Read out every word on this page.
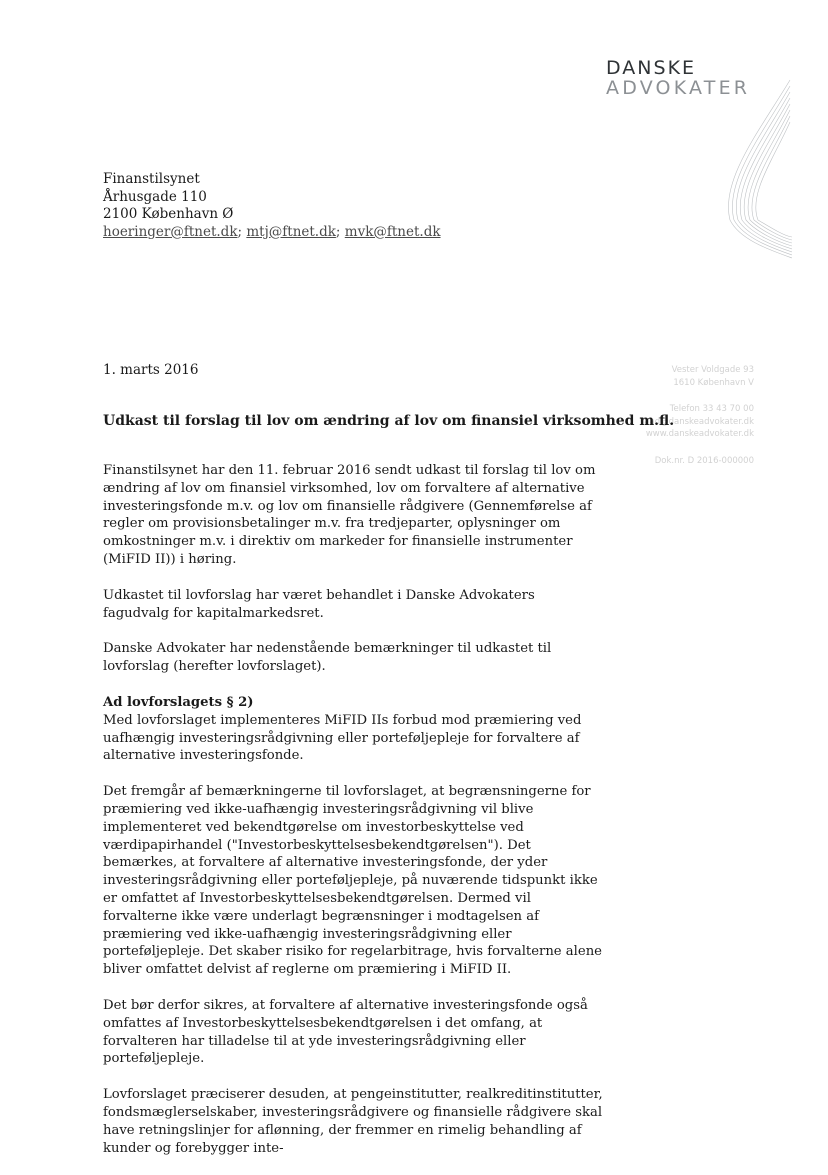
DANSKE
ADVOKATER
Finanstilsynet
Århusgade 110
2100 København Ø
hoeringer@ftnet.dk; mtj@ftnet.dk; mvk@ftnet.dk
1. marts 2016	Vester Voldgade 93
1610 København V
Telefon 33 43 70 00
raad@danskeadvokater.dk
www.danskeadvokater.dk
Dok.nr. D 2016-000000
Udkast til forslag til lov om ændring af lov om finansiel virksomhed m.fl.

Finanstilsynet har den 11. februar 2016 sendt udkast til forslag til lov om ændring af lov om finansiel virksomhed, lov om forvaltere af alternative investeringsfonde m.v. og lov om finansielle rådgivere (Gennemførelse af regler om provisionsbetalinger m.v. fra tredjeparter, oplysninger om omkostninger m.v. i direktiv om markeder for finansielle instrumenter (MiFID II)) i høring.

Udkastet til lovforslag har været behandlet i Danske Advokaters fagudvalg for kapitalmarkedsret.

Danske Advokater har nedenstående bemærkninger til udkastet til lovforslag (herefter lovforslaget).

Ad lovforslagets § 2)

Med lovforslaget implementeres MiFID IIs forbud mod præmiering ved uafhængig investeringsrådgivning eller porteføljepleje for forvaltere af alternative investeringsfonde.

Det fremgår af bemærkningerne til lovforslaget, at begrænsningerne for præmiering ved ikke-uafhængig investeringsrådgivning vil blive implementeret ved bekendtgørelse om investorbeskyttelse ved værdipapirhandel ("Investorbeskyttelsesbekendtgørelsen"). Det bemærkes, at forvaltere af alternative investeringsfonde, der yder investeringsrådgivning eller porteføljepleje, på nuværende tidspunkt ikke er omfattet af Investorbeskyttelsesbekendtgørelsen. Dermed vil forvalterne ikke være underlagt begrænsninger i modtagelsen af præmiering ved ikke-uafhængig investeringsrådgivning eller porteføljepleje. Det skaber risiko for regelarbitrage, hvis forvalterne alene bliver omfattet delvist af reglerne om præmiering i MiFID II.

Det bør derfor sikres, at forvaltere af alternative investeringsfonde også omfattes af Investorbeskyttelsesbekendtgørelsen i det omfang, at forvalteren har tilladelse til at yde investeringsrådgivning eller porteføljepleje.

Lovforslaget præciserer desuden, at pengeinstitutter, realkreditinstitutter, fondsmæglerselskaber, investeringsrådgivere og finansielle rådgivere skal have retningslinjer for aflønning, der fremmer en rimelig behandling af kunder og forebygger inte-
